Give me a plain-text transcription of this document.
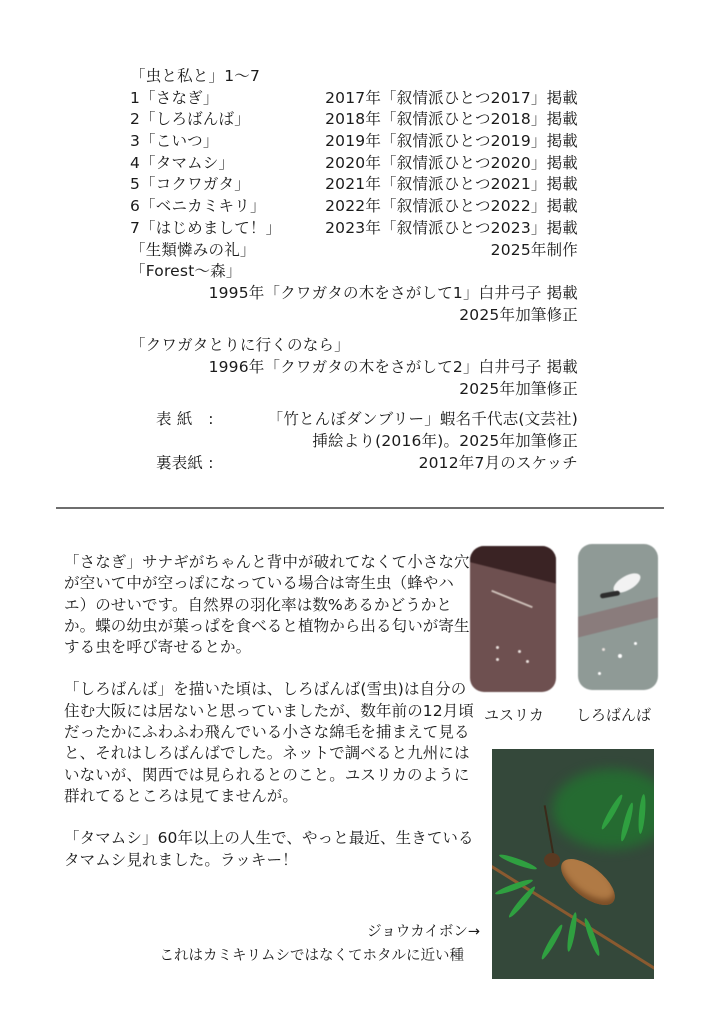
「虫と私と」1〜7
1「さなぎ」	2017年「叙情派ひとつ2017」掲載
2「しろばんば」	2018年「叙情派ひとつ2018」掲載
3「こいつ」	2019年「叙情派ひとつ2019」掲載
4「タマムシ」	2020年「叙情派ひとつ2020」掲載
5「コクワガタ」	2021年「叙情派ひとつ2021」掲載
6「ベニカミキリ」	2022年「叙情派ひとつ2022」掲載
7「はじめまして！」	2023年「叙情派ひとつ2023」掲載
「生類憐みの礼」	2025年制作
「Forest〜森」
1995年「クワガタの木をさがして1」白井弓子 掲載
2025年加筆修正
「クワガタとりに行くのなら」
1996年「クワガタの木をさがして2」白井弓子 掲載
2025年加筆修正
表 紙　:	「竹とんぼダンブリー」蝦名千代志(文芸社)
挿絵より(2016年)。2025年加筆修正
裏表紙 :	2012年7月のスケッチ

「さなぎ」サナギがちゃんと背中が破れてなくて小さな穴が空いて中が空っぽになっている場合は寄生虫（蜂やハエ）のせいです。自然界の羽化率は数%あるかどうかとか。蝶の幼虫が葉っぱを食べると植物から出る匂いが寄生する虫を呼び寄せるとか。

「しろばんば」を描いた頃は、しろばんば(雪虫)は自分の住む大阪には居ないと思っていましたが、数年前の12月頃だったかにふわふわ飛んでいる小さな綿毛を捕まえて見ると、それはしろばんばでした。ネットで調べると九州にはいないが、関西では見られるとのこと。ユスリカのように群れてるところは見てませんが。

「タマムシ」60年以上の人生で、やっと最近、生きているタマムシ見れました。ラッキー！

ユスリカ しろばんば
ジョウカイボン→
これはカミキリムシではなくてホタルに近い種
